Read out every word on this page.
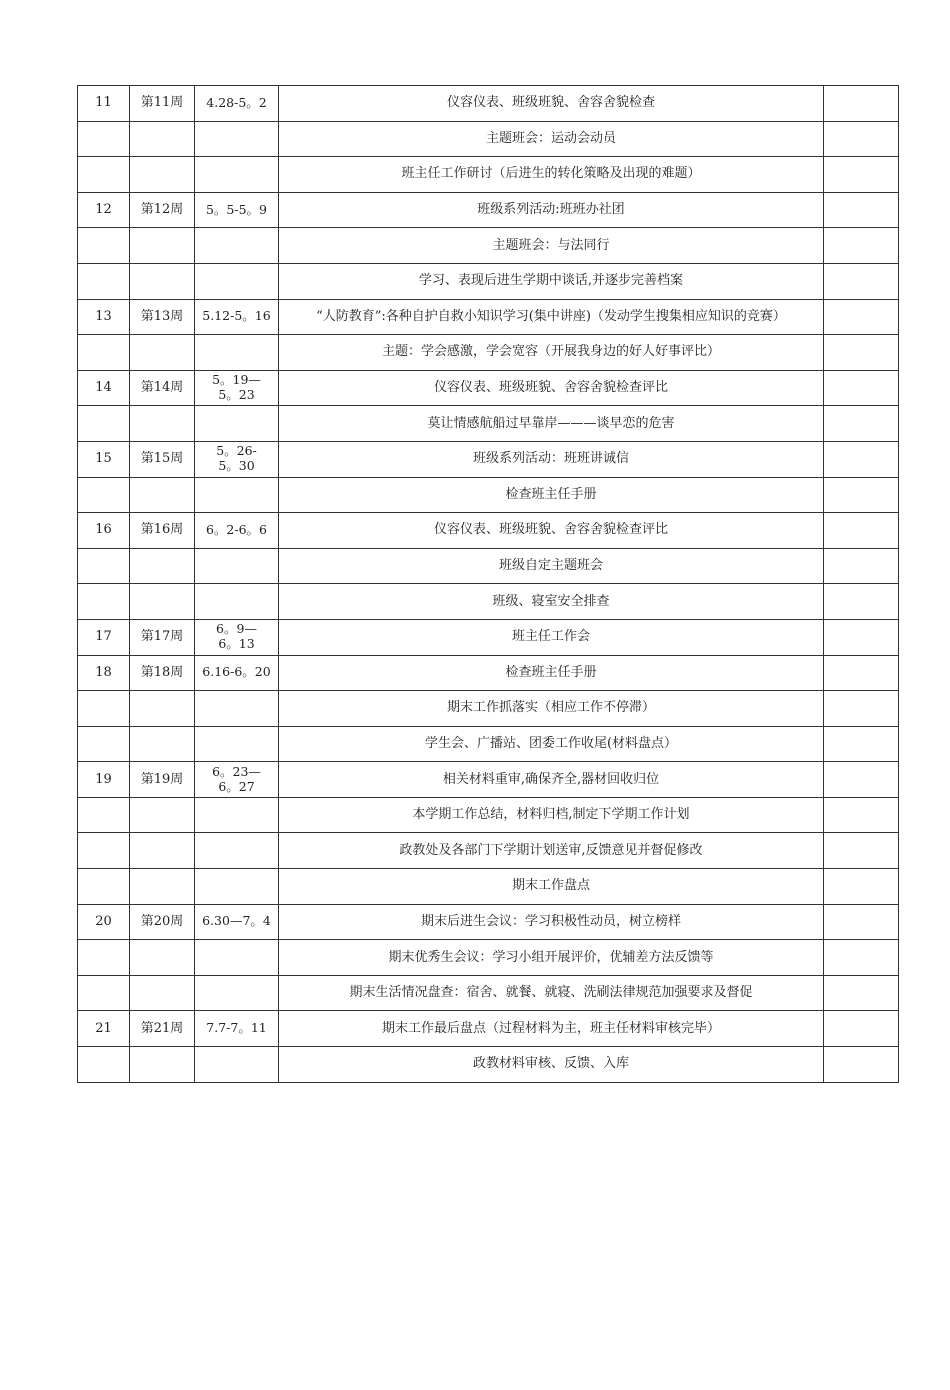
11	第11周	4.28-5。2	仪容仪表、班级班貌、舍容舍貌检查	
			主题班会：运动会动员	
			班主任工作研讨（后进生的转化策略及出现的难题）	
12	第12周	5。5-5。9	班级系列活动:班班办社团	
			主题班会：与法同行	
			学习、表现后进生学期中谈话,并逐步完善档案	
13	第13周	5.12-5。16	“人防教育”:各种自护自救小知识学习(集中讲座)（发动学生搜集相应知识的竞赛）	
			主题：学会感激，学会宽容（开展我身边的好人好事评比）	
14	第14周	5。19—5。23	仪容仪表、班级班貌、舍容舍貌检查评比	
			莫让情感航船过早靠岸———谈早恋的危害	
15	第15周	5。26-5。30	班级系列活动：班班讲诚信	
			检查班主任手册	
16	第16周	6。2-6。6	仪容仪表、班级班貌、舍容舍貌检查评比	
			班级自定主题班会	
			班级、寝室安全排查	
17	第17周	6。9—6。13	班主任工作会	
18	第18周	6.16-6。20	检查班主任手册	
			期末工作抓落实（相应工作不停滞）	
			学生会、广播站、团委工作收尾(材料盘点）	
19	第19周	6。23—6。27	相关材料重审,确保齐全,器材回收归位	
			本学期工作总结，材料归档,制定下学期工作计划	
			政教处及各部门下学期计划送审,反馈意见并督促修改	
			期末工作盘点	
20	第20周	6.30—7。4	期末后进生会议：学习积极性动员，树立榜样	
			期末优秀生会议：学习小组开展评价，优辅差方法反馈等	
			期末生活情况盘查：宿舍、就餐、就寝、洗刷法律规范加强要求及督促	
21	第21周	7.7-7。11	期末工作最后盘点（过程材料为主，班主任材料审核完毕）	
			政教材料审核、反馈、入库	
